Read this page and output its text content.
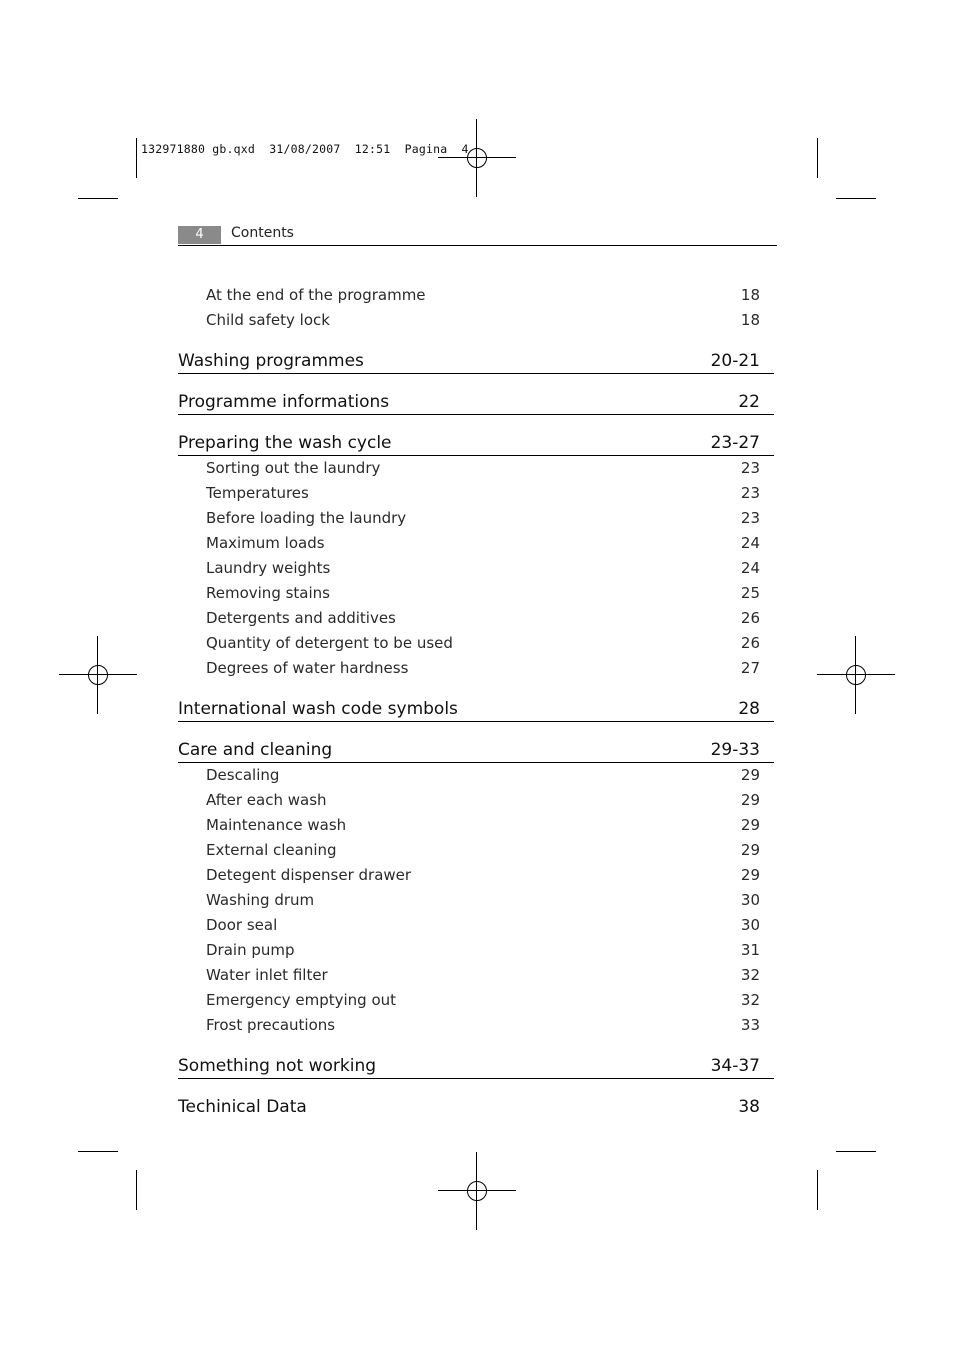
132971880 gb.qxd  31/08/2007  12:51  Pagina  4
4	Contents
At the end of the programme	18
Child safety lock	18
Washing programmes	20-21
Programme informations	22
Preparing the wash cycle	23-27
Sorting out the laundry	23
Temperatures	23
Before loading the laundry	23
Maximum loads	24
Laundry weights	24
Removing stains	25
Detergents and additives	26
Quantity of detergent to be used	26
Degrees of water hardness	27
International wash code symbols	28
Care and cleaning	29-33
Descaling	29
After each wash	29
Maintenance wash	29
External cleaning	29
Detegent dispenser drawer	29
Washing drum	30
Door seal	30
Drain pump	31
Water inlet filter	32
Emergency emptying out	32
Frost precautions	33
Something not working	34-37
Techinical Data	38
